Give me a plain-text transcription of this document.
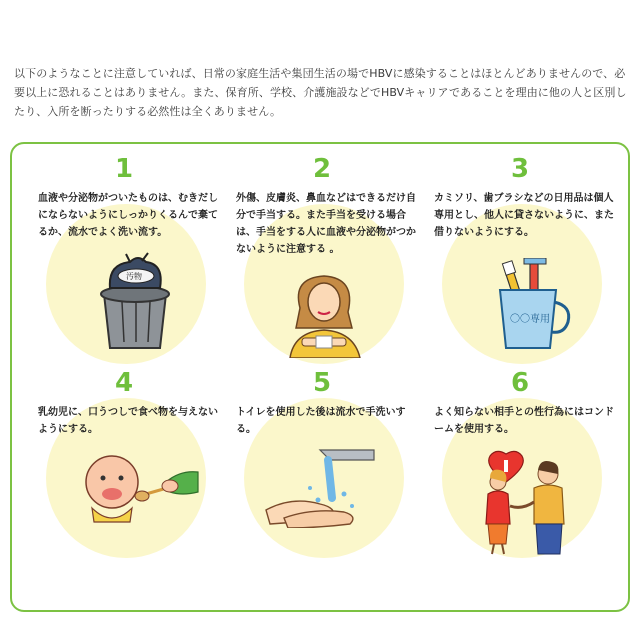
以下のようなことに注意していれば、日常の家庭生活や集団生活の場でHBVに感染することはほとんどありませんので、必要以上に恐れることはありません。また、保育所、学校、介護施設などでHBVキャリアであることを理由に他の人と区別したり、入所を断ったりする必然性は全くありません。
1
血液や分泌物がついたものは、むきだしにならないようにしっかりくるんで棄てるか、流水でよく洗い流す。
汚物
2
外傷、皮膚炎、鼻血などはできるだけ自分で手当する。また手当を受ける場合は、手当をする人に血液や分泌物がつかないように注意する 。
3
カミソリ、歯ブラシなどの日用品は個人専用とし、他人に貸さないように、また借りないようにする。
〇〇専用
4
乳幼児に、口うつしで食べ物を与えないようにする。
5
トイレを使用した後は流水で手洗いする。
6
よく知らない相手との性行為にはコンドームを使用する。
